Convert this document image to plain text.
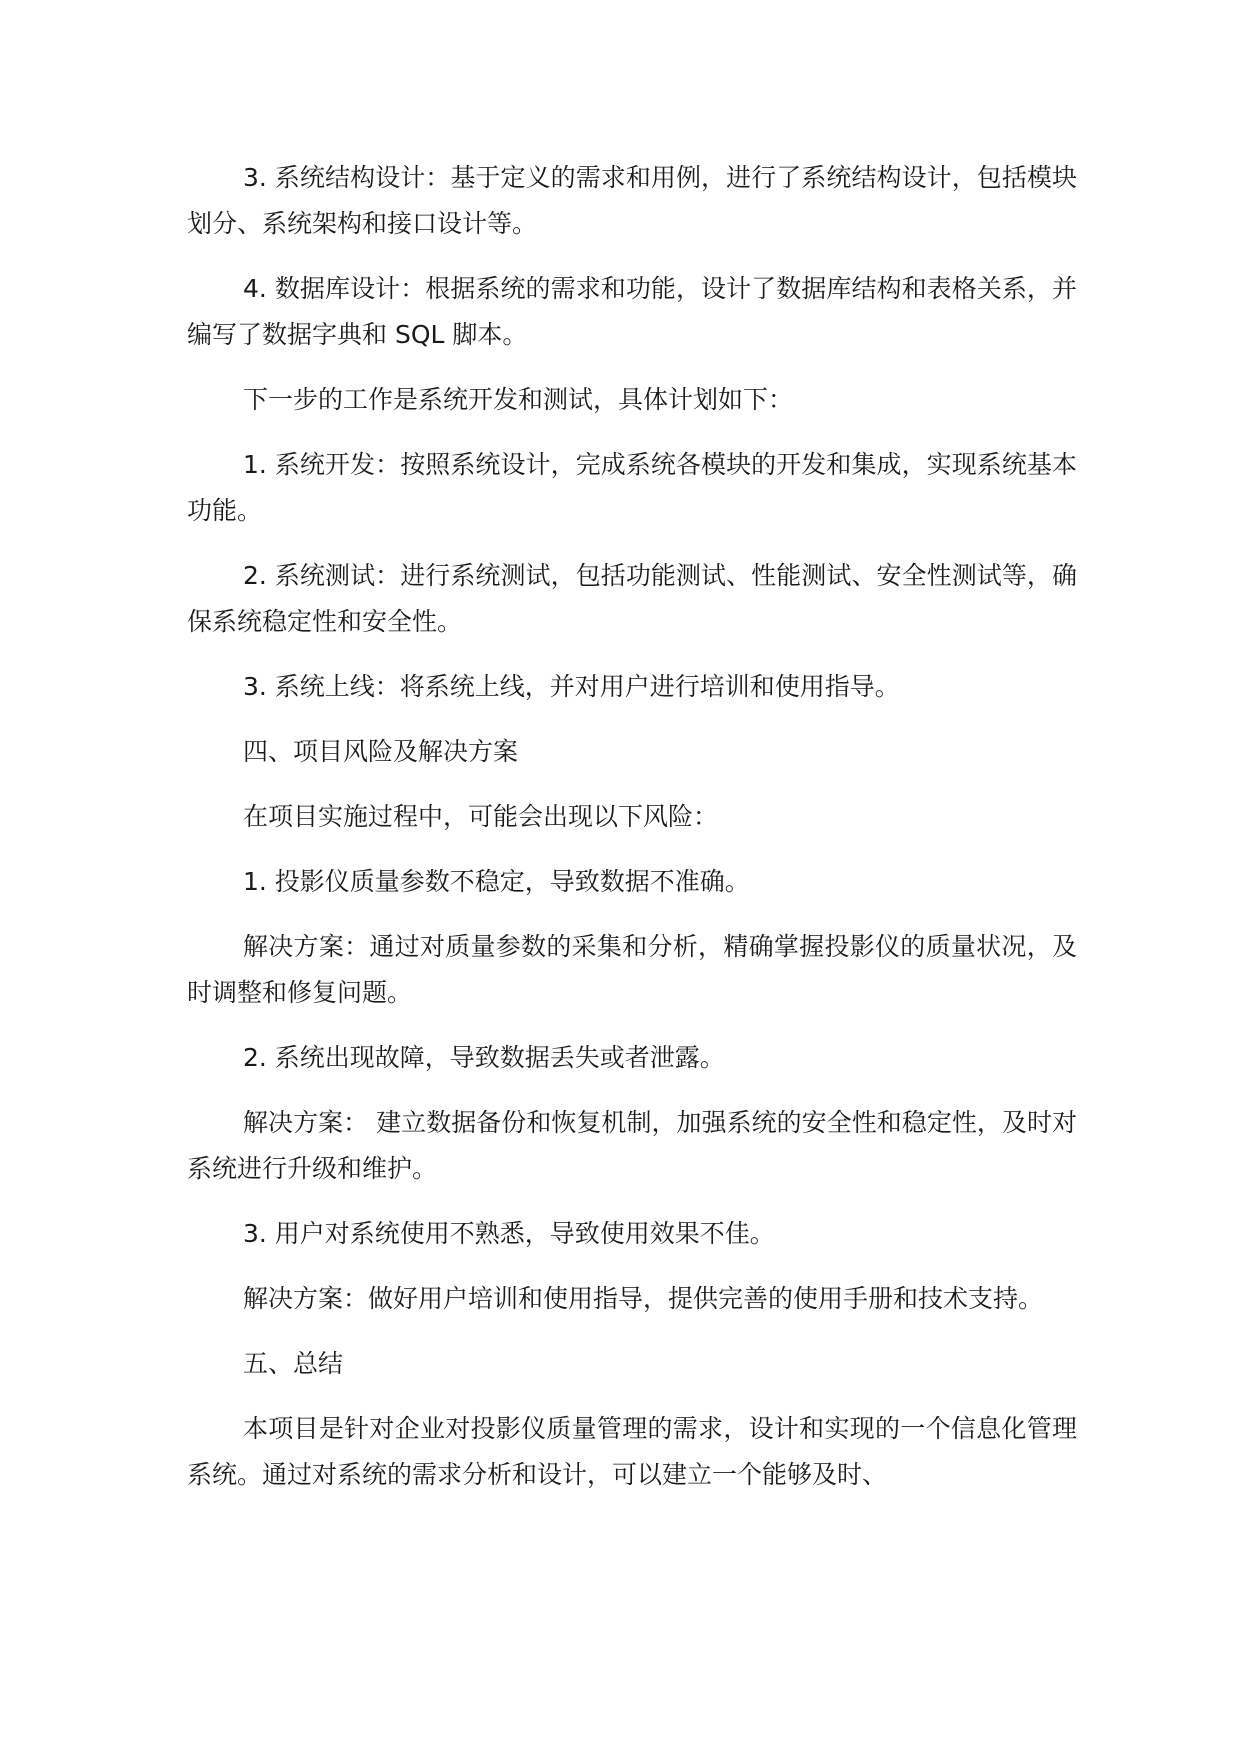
3. 系统结构设计：基于定义的需求和用例，进行了系统结构设计，包括模块划分、系统架构和接口设计等。

4. 数据库设计：根据系统的需求和功能，设计了数据库结构和表格关系，并编写了数据字典和 SQL 脚本。

下一步的工作是系统开发和测试，具体计划如下：

1. 系统开发：按照系统设计，完成系统各模块的开发和集成，实现系统基本功能。

2. 系统测试：进行系统测试，包括功能测试、性能测试、安全性测试等，确保系统稳定性和安全性。

3. 系统上线：将系统上线，并对用户进行培训和使用指导。

四、项目风险及解决方案

在项目实施过程中，可能会出现以下风险：

1. 投影仪质量参数不稳定，导致数据不准确。

解决方案：通过对质量参数的采集和分析，精确掌握投影仪的质量状况，及时调整和修复问题。

2. 系统出现故障，导致数据丢失或者泄露。

解决方案： 建立数据备份和恢复机制，加强系统的安全性和稳定性，及时对系统进行升级和维护。

3. 用户对系统使用不熟悉，导致使用效果不佳。

解决方案：做好用户培训和使用指导，提供完善的使用手册和技术支持。

五、总结

本项目是针对企业对投影仪质量管理的需求，设计和实现的一个信息化管理系统。通过对系统的需求分析和设计，可以建立一个能够及时、
